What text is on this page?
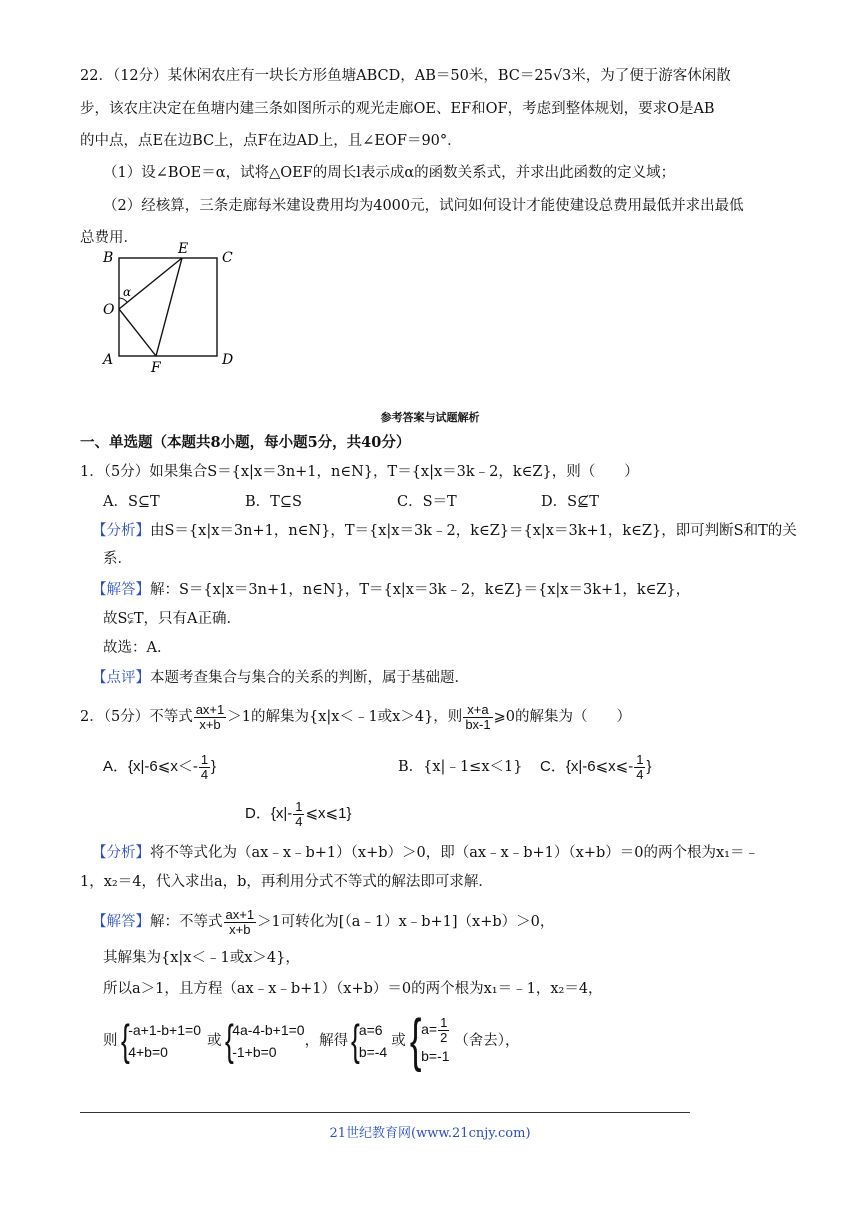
22．（12分）某休闲农庄有一块长方形鱼塘ABCD，AB＝50米，BC＝25√3米，为了便于游客休闲散
步，该农庄决定在鱼塘内建三条如图所示的观光走廊OE、EF和OF，考虑到整体规划，要求O是AB
的中点，点E在边BC上，点F在边AD上，且∠EOF＝90°．
（1）设∠BOE＝α，试将△OEF的周长l表示成α的函数关系式，并求出此函数的定义域；
（2）经核算，三条走廊每米建设费用均为4000元，试问如何设计才能使建设总费用最低并求出最低
总费用．
B
E
C
O
α
A	F	D
参考答案与试题解析
一、单选题（本题共8小题，每小题5分，共40分）
1．（5分）如果集合S＝{x|x＝3n+1，n∈N}，T＝{x|x＝3k﹣2，k∈Z}，则（　　）
A．S⊆T	B．T⊆S	C．S＝T	D．S⊈T
【分析】由S＝{x|x＝3n+1，n∈N}，T＝{x|x＝3k﹣2，k∈Z}＝{x|x＝3k+1，k∈Z}，即可判断S和T的关
系．
【解答】解：S＝{x|x＝3n+1，n∈N}，T＝{x|x＝3k﹣2，k∈Z}＝{x|x＝3k+1，k∈Z}，
故S⫋T，只有A正确．
故选：A．
【点评】本题考查集合与集合的关系的判断，属于基础题．
2．（5分）不等式 $\frac{ax+1}{x+b} >1$的解集为{x|x＜﹣1或x＞4}，则 $\frac{x+a}{bx-1}$ ⩾0的解集为（　　）
A．{x|-6⩽x＜- $\frac{1}{4}$ }	B．{x|﹣1≤x＜1} C．{x|-6⩽x⩽- $\frac{1}{4}$ }
D．{$x|- \frac{1}{4}$ ⩽x⩽1}
【分析】将不等式化为（ax﹣x﹣b+1）（x+b）＞0，即（ax﹣x﹣b+1）（x+b）＝0的两个根为x₁＝﹣
1，x₂＝4，代入求出a，b，再利用分式不等式的解法即可求解．
【解答】解：不等式 $\frac{ax+1}{x+b} >1$可转化为[（a﹣1）x﹣b+1]（x+b）＞0，
其解集为{x|x＜﹣1或x＞4}，
所以a＞1，且方程（ax﹣x﹣b+1）（x+b）＝0的两个根为x₁＝﹣1，x₂＝4，
则 {
-a+1-b+1=0
4+b=0
或 {
4a-4-b+1=0
-1+b=0
，解得 {
a=6
b=-4
或 { $a= \frac{1}{2}$
b=-1
（舍去），
21世纪教育网(www.21cnjy.com)
